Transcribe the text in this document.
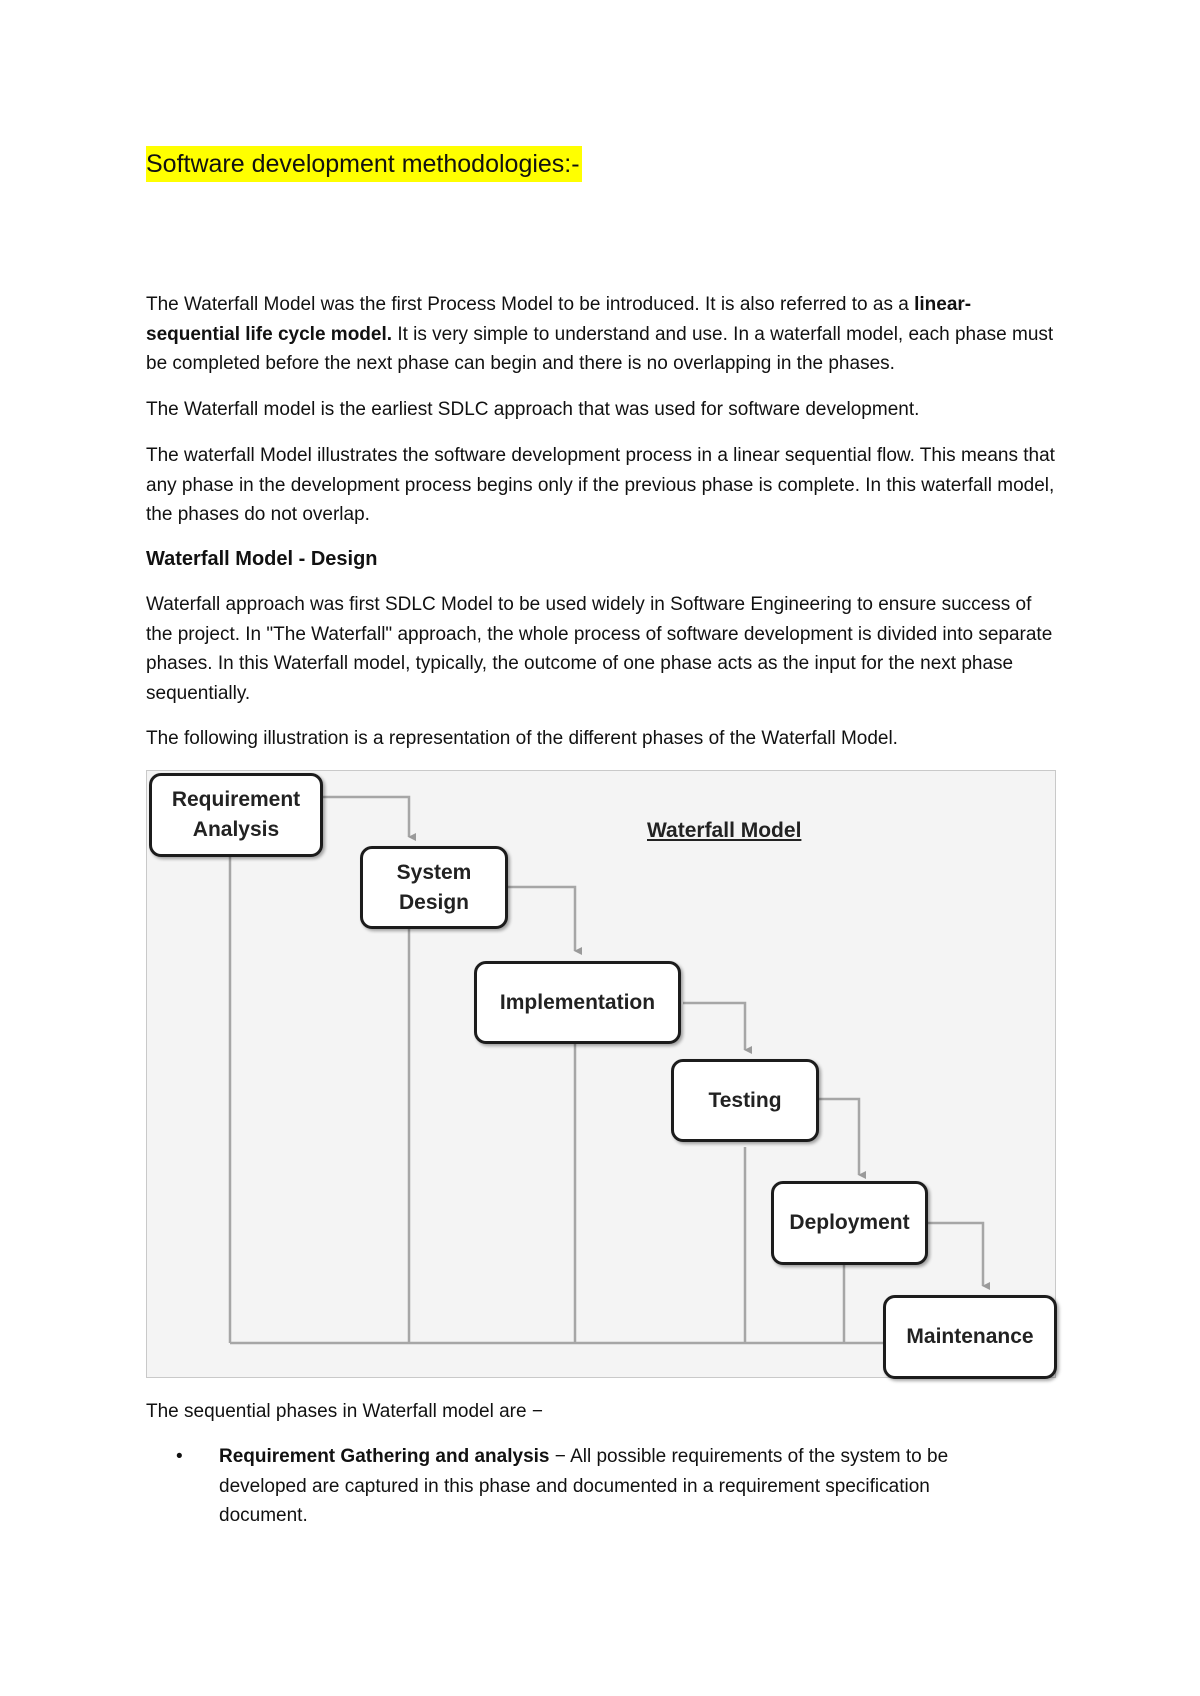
Software development methodologies:-

The Waterfall Model was the first Process Model to be introduced. It is also referred to as a linear-sequential life cycle model. It is very simple to understand and use. In a waterfall model, each phase must be completed before the next phase can begin and there is no overlapping in the phases.

The Waterfall model is the earliest SDLC approach that was used for software development.

The waterfall Model illustrates the software development process in a linear sequential flow. This means that any phase in the development process begins only if the previous phase is complete. In this waterfall model, the phases do not overlap.

Waterfall Model - Design

Waterfall approach was first SDLC Model to be used widely in Software Engineering to ensure success of the project. In "The Waterfall" approach, the whole process of software development is divided into separate phases. In this Waterfall model, typically, the outcome of one phase acts as the input for the next phase sequentially.

The following illustration is a representation of the different phases of the Waterfall Model.

Waterfall Model
Requirement
Analysis
System
Design
Implementation
Testing
Deployment
Maintenance

The sequential phases in Waterfall model are −

• Requirement Gathering and analysis − All possible requirements of the system to be developed are captured in this phase and documented in a requirement specification document.
